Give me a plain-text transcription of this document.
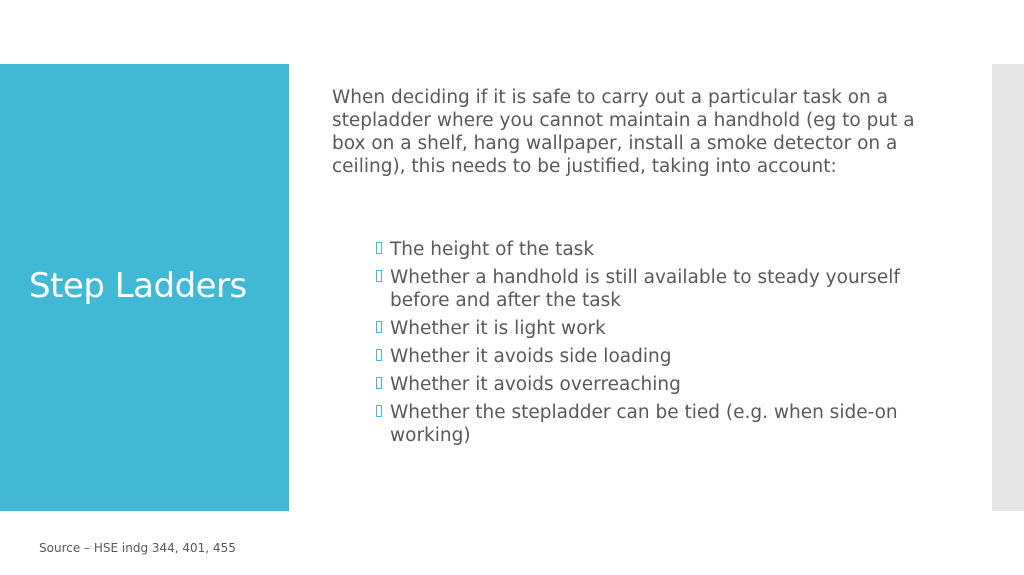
Step Ladders

When deciding if it is safe to carry out a particular task on a stepladder where you cannot maintain a handhold (eg to put a box on a shelf, hang wallpaper, install a smoke detector on a ceiling), this needs to be justified, taking into account:

The height of the task
Whether a handhold is still available to steady yourself before and after the task
Whether it is light work
Whether it avoids side loading
Whether it avoids overreaching
Whether the stepladder can be tied (e.g. when side-on working)

Source – HSE indg 344, 401, 455
